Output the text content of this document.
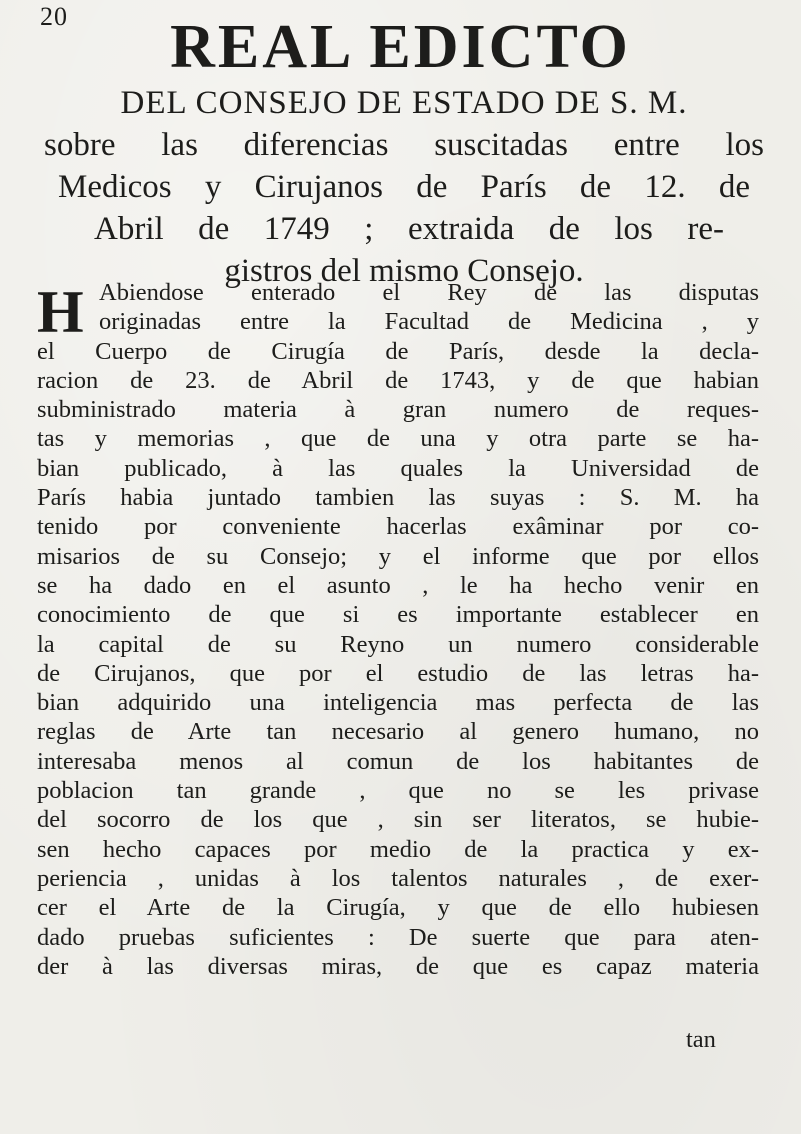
20	REAL EDICTO
DEL CONSEJO DE ESTADO DE S. M.
sobre las diferencias suscitadas entre los
Medicos y Cirujanos de París de 12. de
Abril de 1749 ; extraida de los re-
gistros del mismo Consejo.
H Abiendose enterado el Rey de las disputas
originadas entre la Facultad de Medicina , y
el Cuerpo de Cirugía de París, desde la decla-
racion de 23. de Abril de 1743, y de que habian
subministrado materia à gran numero de reques-
tas y memorias , que de una y otra parte se ha-
bian publicado, à las quales la Universidad de
París habia juntado tambien las suyas : S. M. ha
tenido por conveniente hacerlas exâminar por co-
misarios de su Consejo; y el informe que por ellos
se ha dado en el asunto , le ha hecho venir en
conocimiento de que si es importante establecer en
la capital de su Reyno un numero considerable
de Cirujanos, que por el estudio de las letras ha-
bian adquirido una inteligencia mas perfecta de las
reglas de Arte tan necesario al genero humano, no
interesaba menos al comun de los habitantes de
poblacion tan grande , que no se les privase
del socorro de los que , sin ser literatos, se hubie-
sen hecho capaces por medio de la practica y ex-
periencia , unidas à los talentos naturales , de exer-
cer el Arte de la Cirugía, y que de ello hubiesen
dado pruebas suficientes : De suerte que para aten-
der à las diversas miras, de que es capaz materia
tan
